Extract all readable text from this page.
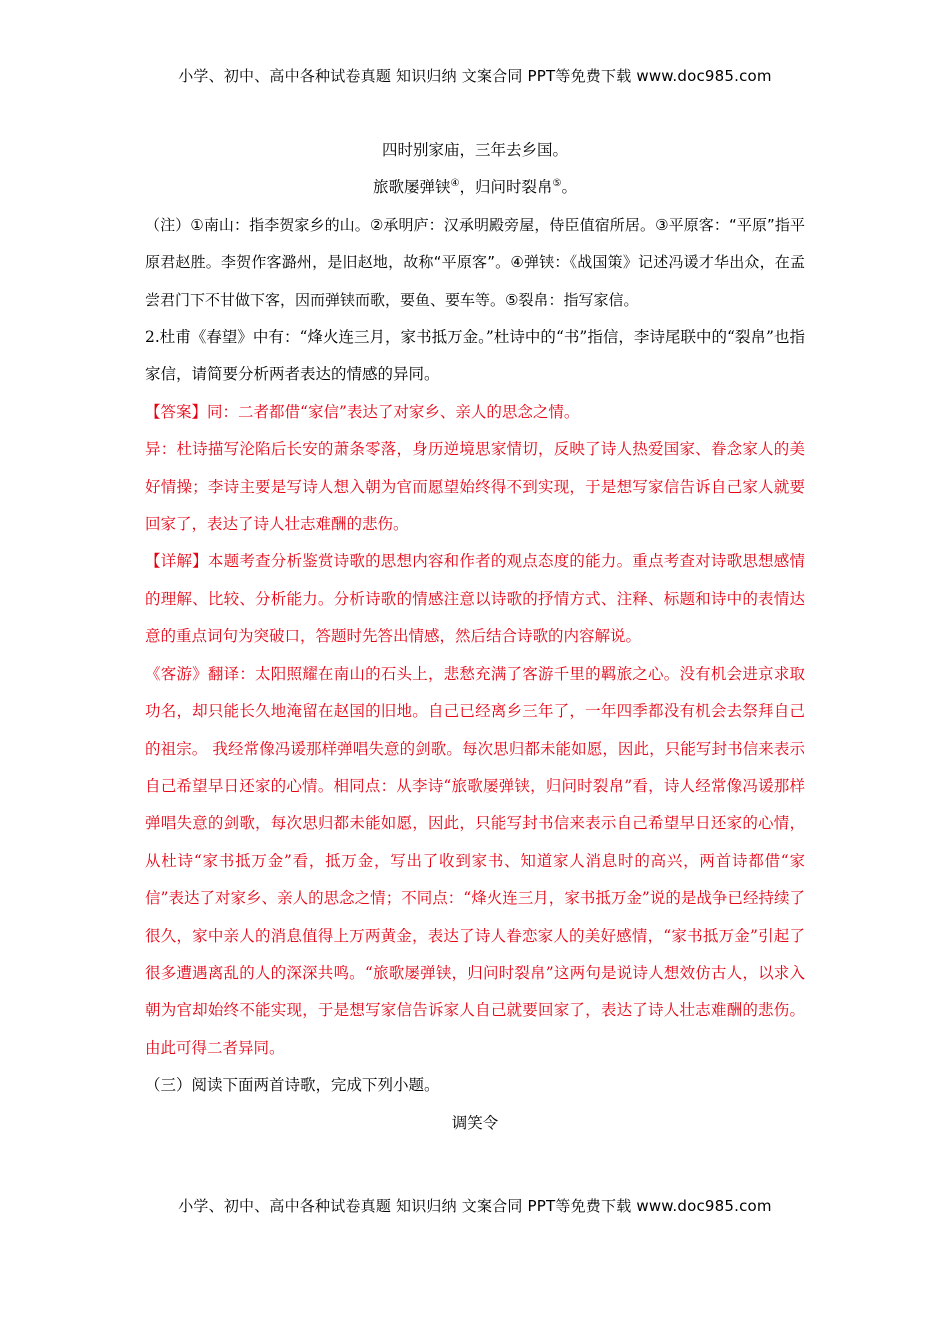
小学、初中、高中各种试卷真题 知识归纳 文案合同 PPT等免费下载 www.doc985.com

四时别家庙，三年去乡国。

旅歌屡弹铗④，归问时裂帛⑤。

（注）①南山：指李贺家乡的山。②承明庐：汉承明殿旁屋，侍臣值宿所居。③平原客：“平原”指平原君赵胜。李贺作客潞州，是旧赵地，故称“平原客”。④弹铗：《战国策》记述冯谖才华出众，在孟尝君门下不甘做下客，因而弹铗而歌，要鱼、要车等。⑤裂帛：指写家信。

2.杜甫《春望》中有：“烽火连三月，家书抵万金。”杜诗中的“书”指信，李诗尾联中的“裂帛”也指家信，请简要分析两者表达的情感的异同。

【答案】同：二者都借“家信”表达了对家乡、亲人的思念之情。

异：杜诗描写沦陷后长安的萧条零落，身历逆境思家情切，反映了诗人热爱国家、眷念家人的美好情操；李诗主要是写诗人想入朝为官而愿望始终得不到实现，于是想写家信告诉自己家人就要回家了，表达了诗人壮志难酬的悲伤。

【详解】本题考查分析鉴赏诗歌的思想内容和作者的观点态度的能力。重点考查对诗歌思想感情的理解、比较、分析能力。分析诗歌的情感注意以诗歌的抒情方式、注释、标题和诗中的表情达意的重点词句为突破口，答题时先答出情感，然后结合诗歌的内容解说。

《客游》翻译：太阳照耀在南山的石头上，悲愁充满了客游千里的羁旅之心。没有机会进京求取功名，却只能长久地淹留在赵国的旧地。自己已经离乡三年了，一年四季都没有机会去祭拜自己的祖宗。 我经常像冯谖那样弹唱失意的剑歌。每次思归都未能如愿，因此，只能写封书信来表示自己希望早日还家的心情。相同点：从李诗“旅歌屡弹铗，归问时裂帛”看，诗人经常像冯谖那样弹唱失意的剑歌，每次思归都未能如愿，因此，只能写封书信来表示自己希望早日还家的心情，从杜诗“家书抵万金”看，抵万金，写出了收到家书、知道家人消息时的高兴，两首诗都借“家信”表达了对家乡、亲人的思念之情；不同点：“烽火连三月，家书抵万金”说的是战争已经持续了很久，家中亲人的消息值得上万两黄金，表达了诗人眷恋家人的美好感情，“家书抵万金”引起了很多遭遇离乱的人的深深共鸣。“旅歌屡弹铗，归问时裂帛”这两句是说诗人想效仿古人，以求入朝为官却始终不能实现，于是想写家信告诉家人自己就要回家了，表达了诗人壮志难酬的悲伤。由此可得二者异同。

（三）阅读下面两首诗歌，完成下列小题。

调笑令

小学、初中、高中各种试卷真题 知识归纳 文案合同 PPT等免费下载 www.doc985.com
